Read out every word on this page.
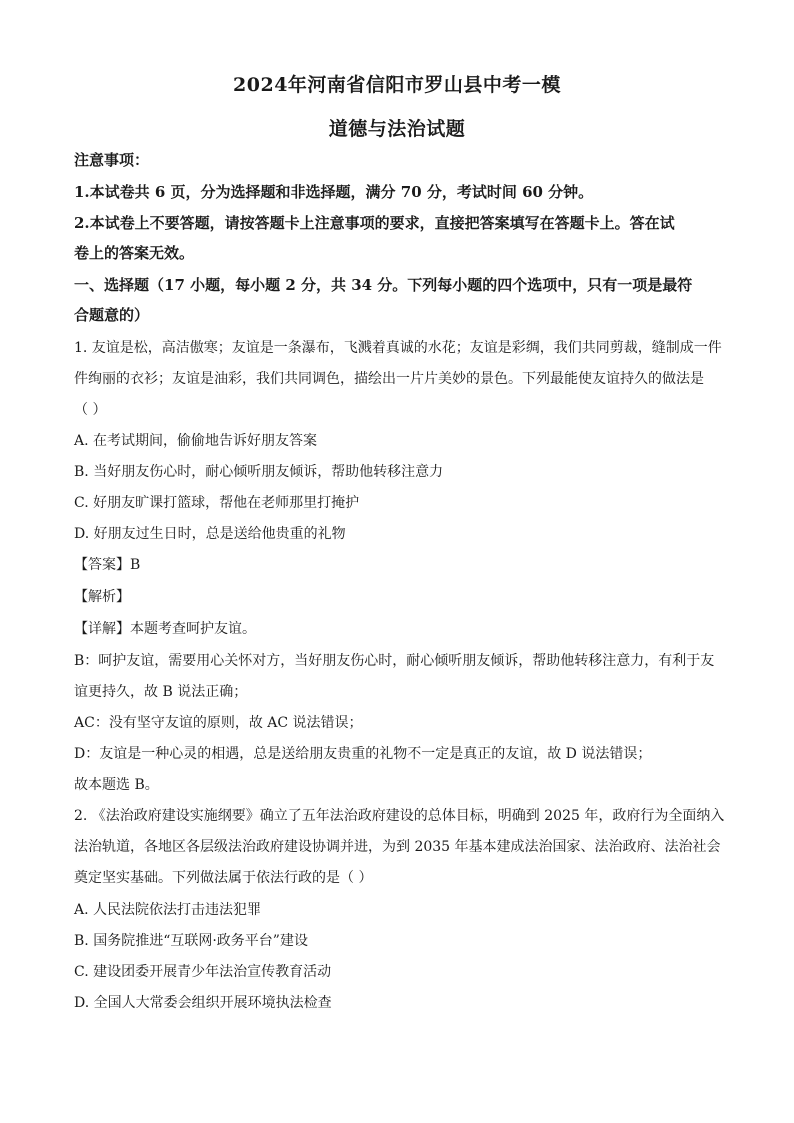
2024年河南省信阳市罗山县中考一模
道德与法治试题
注意事项：
1.本试卷共 6 页，分为选择题和非选择题，满分 70 分，考试时间 60 分钟。
2.本试卷上不要答题，请按答题卡上注意事项的要求，直接把答案填写在答题卡上。答在试
卷上的答案无效。
一、选择题（17 小题，每小题 2 分，共 34 分。下列每小题的四个选项中，只有一项是最符
合题意的）
1. 友谊是松，高洁傲寒；友谊是一条瀑布，飞溅着真诚的水花；友谊是彩绸，我们共同剪裁，缝制成一件
件绚丽的衣衫；友谊是油彩，我们共同调色，描绘出一片片美妙的景色。下列最能使友谊持久的做法是
（ ）
A. 在考试期间，偷偷地告诉好朋友答案
B. 当好朋友伤心时，耐心倾听朋友倾诉，帮助他转移注意力
C. 好朋友旷课打篮球，帮他在老师那里打掩护
D. 好朋友过生日时，总是送给他贵重的礼物
【答案】B
【解析】
【详解】本题考查呵护友谊。
B：呵护友谊，需要用心关怀对方，当好朋友伤心时，耐心倾听朋友倾诉，帮助他转移注意力，有利于友
谊更持久，故 B 说法正确；
AC：没有坚守友谊的原则，故 AC 说法错误；
D：友谊是一种心灵的相遇，总是送给朋友贵重的礼物不一定是真正的友谊，故 D 说法错误；
故本题选 B。
2. 《法治政府建设实施纲要》确立了五年法治政府建设的总体目标，明确到 2025 年，政府行为全面纳入
法治轨道，各地区各层级法治政府建设协调并进，为到 2035 年基本建成法治国家、法治政府、法治社会
奠定坚实基础。下列做法属于依法行政的是（ ）
A. 人民法院依法打击违法犯罪
B. 国务院推进“互联网·政务平台”建设
C. 建设团委开展青少年法治宣传教育活动
D. 全国人大常委会组织开展环境执法检查
